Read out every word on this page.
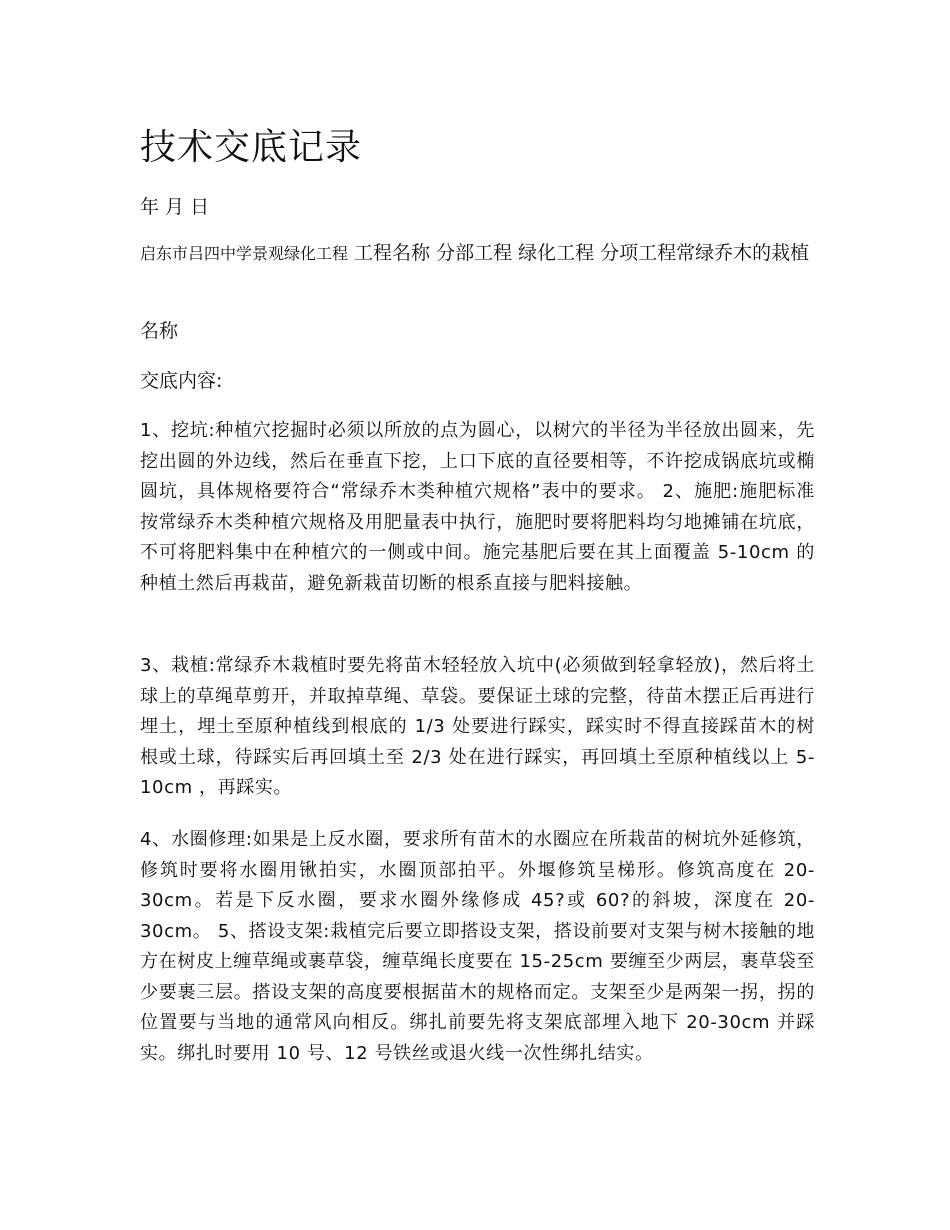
技术交底记录
年 月 日
启东市吕四中学景观绿化工程 工程名称 分部工程 绿化工程 分项工程常绿乔木的栽植
名称
交底内容:

1、挖坑:种植穴挖掘时必须以所放的点为圆心，以树穴的半径为半径放出圆来，先挖出圆的外边线，然后在垂直下挖，上口下底的直径要相等，不许挖成锅底坑或椭圆坑，具体规格要符合“常绿乔木类种植穴规格”表中的要求。 2、施肥:施肥标准按常绿乔木类种植穴规格及用肥量表中执行，施肥时要将肥料均匀地摊铺在坑底，不可将肥料集中在种植穴的一侧或中间。施完基肥后要在其上面覆盖 5-10cm 的种植土然后再栽苗，避免新栽苗切断的根系直接与肥料接触。

3、栽植:常绿乔木栽植时要先将苗木轻轻放入坑中(必须做到轻拿轻放)，然后将土球上的草绳草剪开，并取掉草绳、草袋。要保证土球的完整，待苗木摆正后再进行埋土，埋土至原种植线到根底的 1/3 处要进行踩实，踩实时不得直接踩苗木的树根或土球，待踩实后再回填土至 2/3 处在进行踩实，再回填土至原种植线以上 5-10cm ，再踩实。

4、水圈修理:如果是上反水圈，要求所有苗木的水圈应在所栽苗的树坑外延修筑，修筑时要将水圈用锹拍实，水圈顶部拍平。外堰修筑呈梯形。修筑高度在 20-30cm。若是下反水圈，要求水圈外缘修成 45?或 60?的斜坡，深度在 20-30cm。 5、搭设支架:栽植完后要立即搭设支架，搭设前要对支架与树木接触的地方在树皮上缠草绳或裹草袋，缠草绳长度要在 15-25cm 要缠至少两层，裹草袋至少要裹三层。搭设支架的高度要根据苗木的规格而定。支架至少是两架一拐，拐的位置要与当地的通常风向相反。绑扎前要先将支架底部埋入地下 20-30cm 并踩实。绑扎时要用 10 号、12 号铁丝或退火线一次性绑扎结实。
